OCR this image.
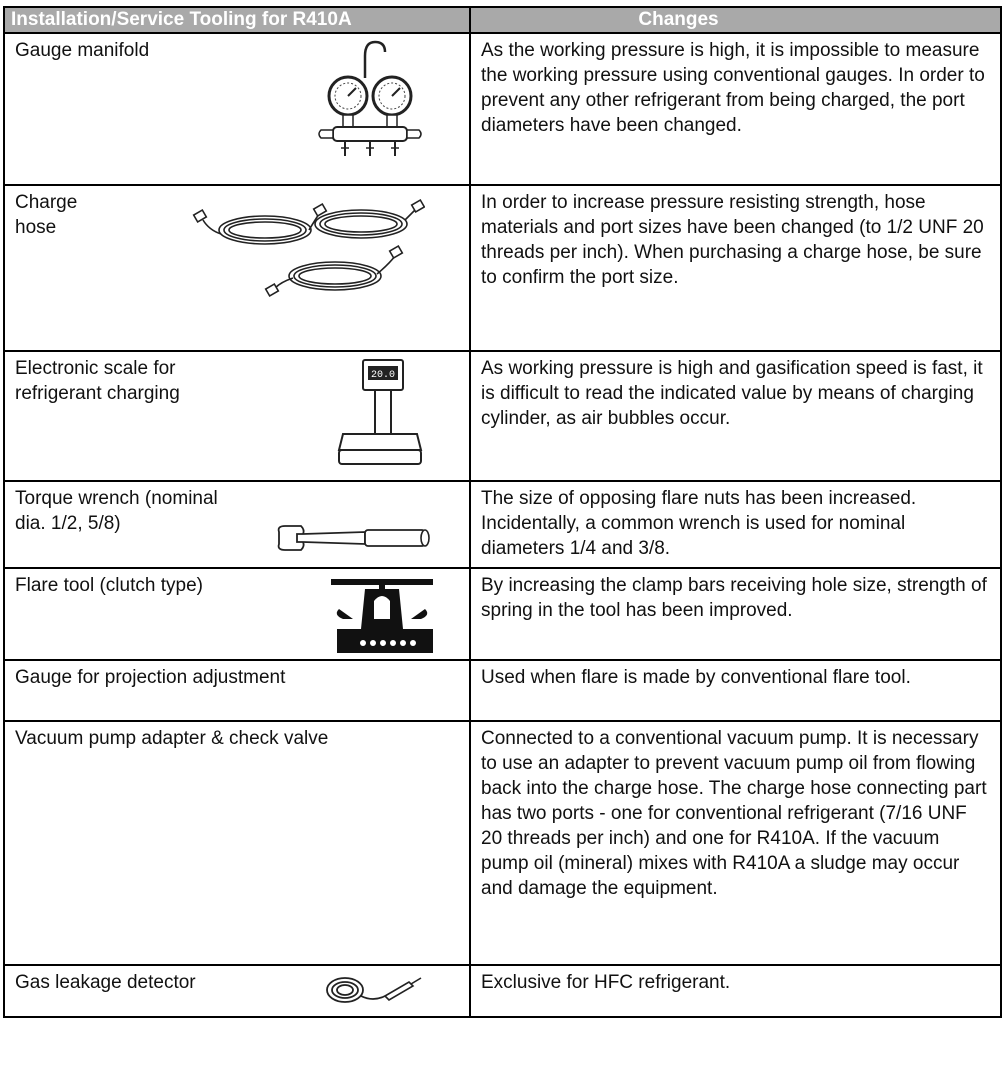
Installation/Service Tooling for R410A	Changes

Gauge manifold	As the working pressure is high, it is impossible to measure the working pressure using conventional gauges. In order to prevent any other refrigerant from being charged, the port diameters have been changed.

Charge
hose	In order to increase pressure resisting strength, hose materials and port sizes have been changed (to 1/2 UNF 20 threads per inch). When purchasing a charge hose, be sure to confirm the port size.

Electronic scale for
refrigerant charging
20.0	As working pressure is high and gasification speed is fast, it is difficult to read the indicated value by means of charging cylinder, as air bubbles occur.

Torque wrench (nominal
dia. 1/2, 5/8)	The size of opposing flare nuts has been increased. Incidentally, a common wrench is used for nominal diameters 1/4 and 3/8.

Flare tool (clutch type)	By increasing the clamp bars receiving hole size, strength of spring in the tool has been improved.

Gauge for projection adjustment	Used when flare is made by conventional flare tool.

Vacuum pump adapter & check valve	Connected to a conventional vacuum pump. It is necessary to use an adapter to prevent vacuum pump oil from flowing back into the charge hose. The charge hose connecting part has two ports - one for conventional refrigerant (7/16 UNF 20 threads per inch) and one for R410A. If the vacuum pump oil (mineral) mixes with R410A a sludge may occur and damage the equipment.

Gas leakage detector	Exclusive for HFC refrigerant.
